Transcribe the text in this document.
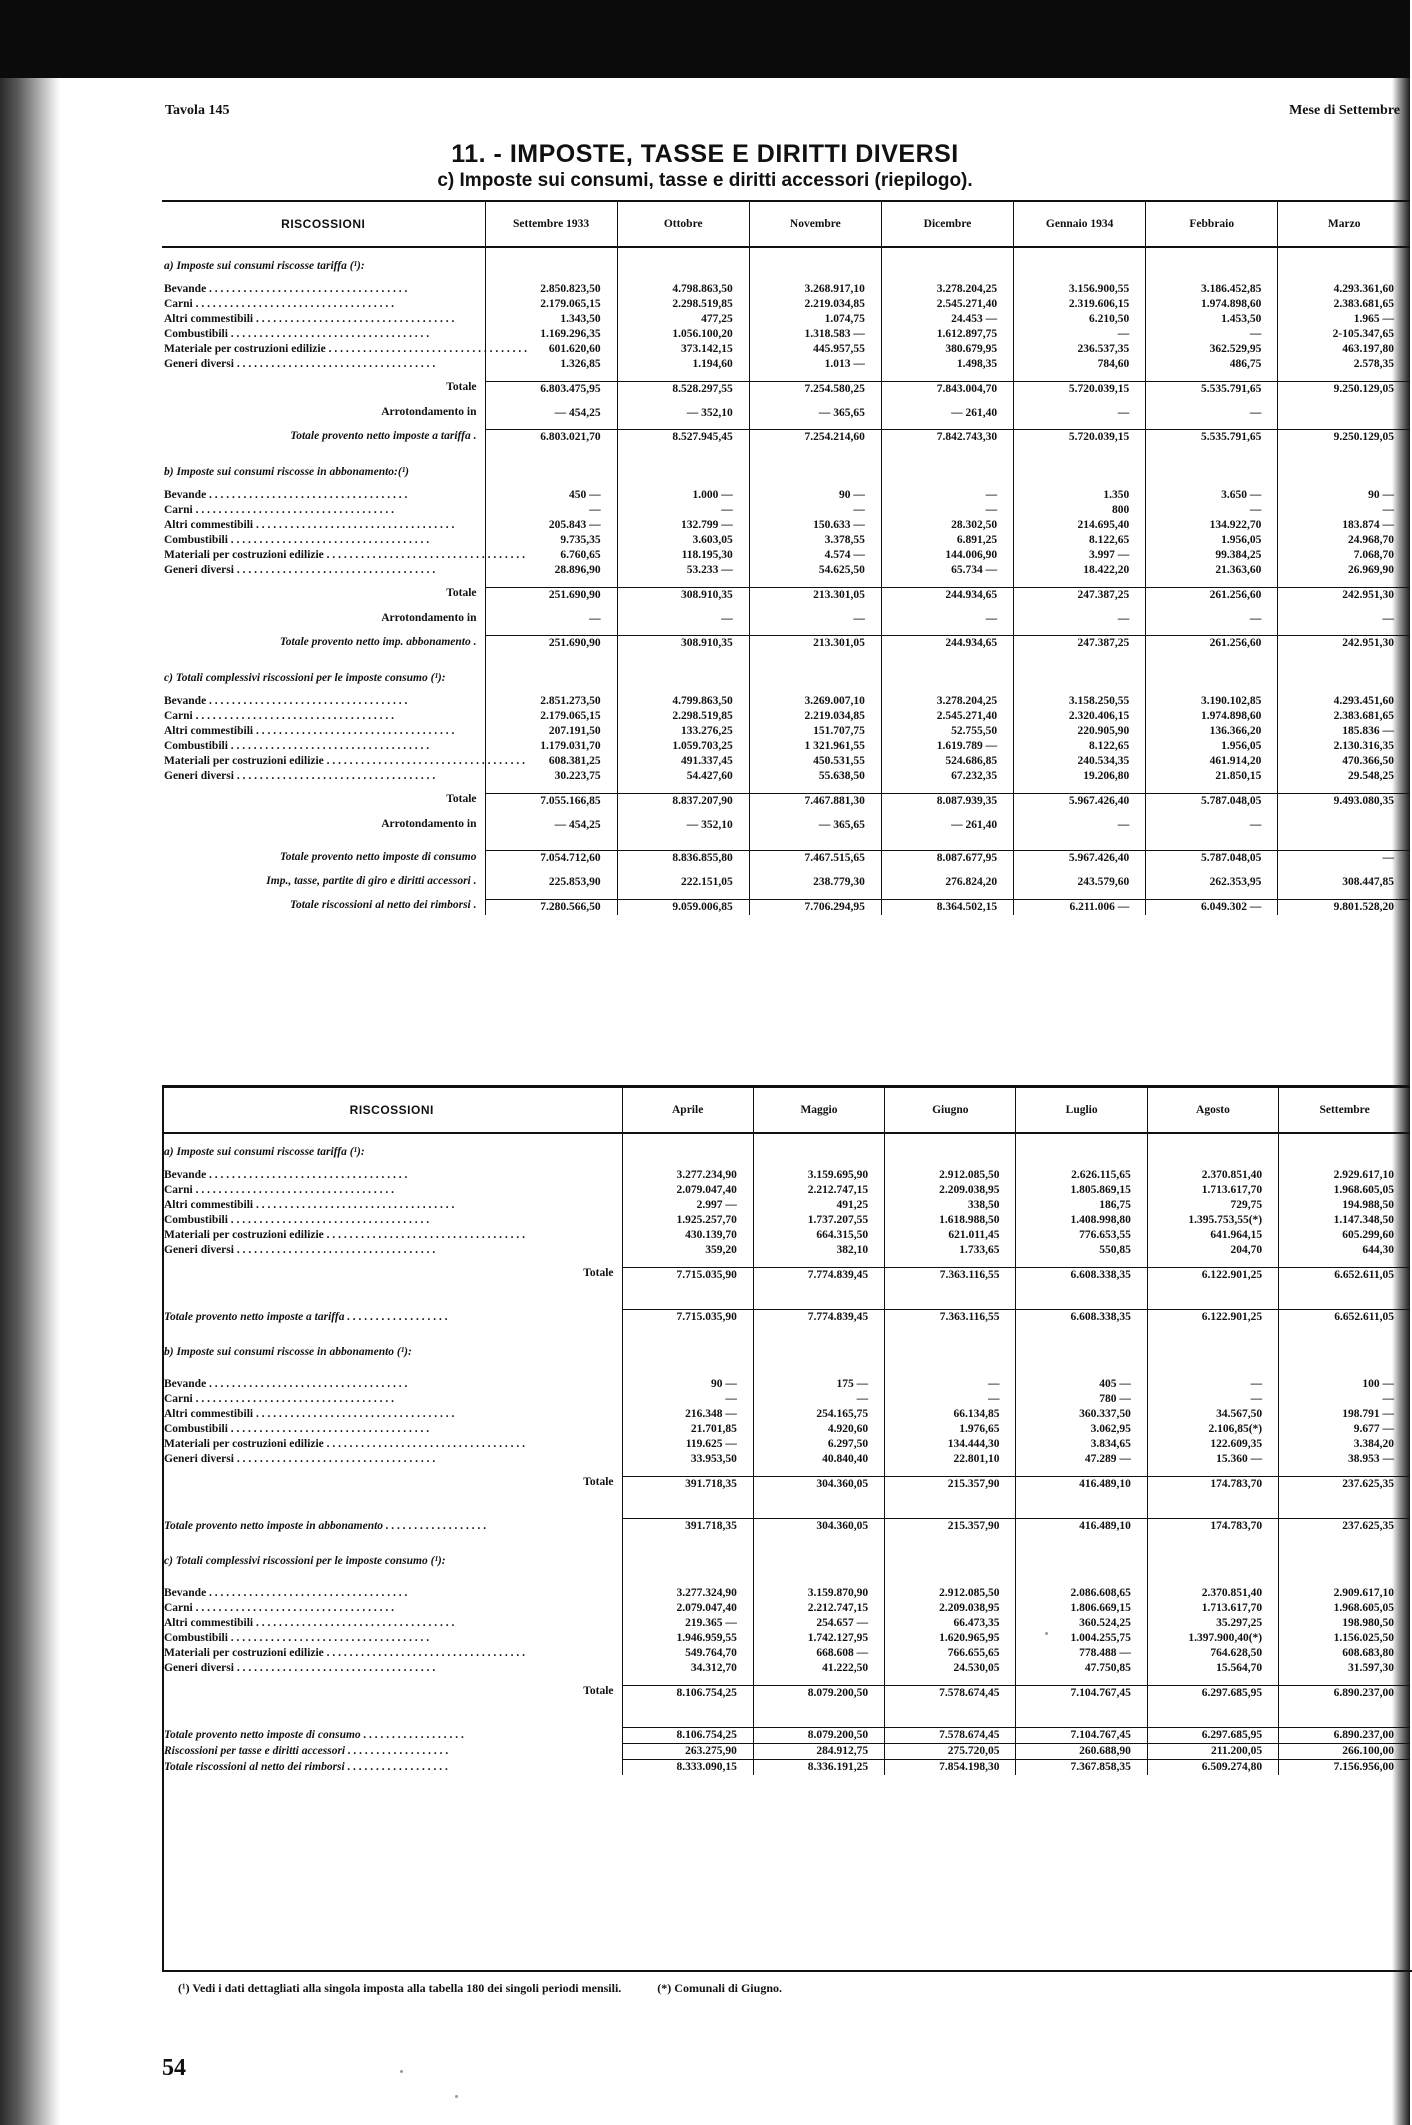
Tavola 145	Mese di Settembre
11. - IMPOSTE, TASSE E DIRITTI DIVERSI
c) Imposte sui consumi, tasse e diritti accessori (riepilogo).
RISCOSSIONI	Settembre 1933	Ottobre	Novembre	Dicembre	Gennaio 1934	Febbraio	Marzo

a) Imposte sui consumi riscosse tariffa (¹):							

Bevande . . . . . . . . . . . . . . . . . . . . . . . . . . . . . . . . . . .	2.850.823,50	4.798.863,50	3.268.917,10	3.278.204,25	3.156.900,55	3.186.452,85	4.293.361,60
Carni . . . . . . . . . . . . . . . . . . . . . . . . . . . . . . . . . . .	2.179.065,15	2.298.519,85	2.219.034,85	2.545.271,40	2.319.606,15	1.974.898,60	2.383.681,65
Altri commestibili . . . . . . . . . . . . . . . . . . . . . . . . . . . . . . . . . . .	1.343,50	477,25	1.074,75	24.453 —	6.210,50	1.453,50	1.965 —
Combustibili . . . . . . . . . . . . . . . . . . . . . . . . . . . . . . . . . . .	1.169.296,35	1.056.100,20	1.318.583 —	1.612.897,75	—	—	2-105.347,65
Materiale per costruzioni edilizie . . . . . . . . . . . . . . . . . . . . . . . . . . . . . . . . . . .	601.620,60	373.142,15	445.957,55	380.679,95	236.537,35	362.529,95	463.197,80
Generi diversi . . . . . . . . . . . . . . . . . . . . . . . . . . . . . . . . . . .	1.326,85	1.194,60	1.013 —	1.498,35	784,60	486,75	2.578,35

Totale	6.803.475,95	8.528.297,55	7.254.580,25	7.843.004,70	5.720.039,15	5.535.791,65	9.250.129,05

Arrotondamento in	— 454,25	— 352,10	— 365,65	— 261,40	—	—	

Totale provento netto imposte a tariffa .	6.803.021,70	8.527.945,45	7.254.214,60	7.842.743,30	5.720.039,15	5.535.791,65	9.250.129,05

b) Imposte sui consumi riscosse in abbonamento:(¹)							

Bevande . . . . . . . . . . . . . . . . . . . . . . . . . . . . . . . . . . .	450 —	1.000 —	90 —	—	1.350	3.650 —	90 —
Carni . . . . . . . . . . . . . . . . . . . . . . . . . . . . . . . . . . .	—	—	—	—	800	—	—
Altri commestibili . . . . . . . . . . . . . . . . . . . . . . . . . . . . . . . . . . .	205.843 —	132.799 —	150.633 —	28.302,50	214.695,40	134.922,70	183.874 —
Combustibili . . . . . . . . . . . . . . . . . . . . . . . . . . . . . . . . . . .	9.735,35	3.603,05	3.378,55	6.891,25	8.122,65	1.956,05	24.968,70
Materiali per costruzioni edilizie . . . . . . . . . . . . . . . . . . . . . . . . . . . . . . . . . . .	6.760,65	118.195,30	4.574 —	144.006,90	3.997 —	99.384,25	7.068,70
Generi diversi . . . . . . . . . . . . . . . . . . . . . . . . . . . . . . . . . . .	28.896,90	53.233 —	54.625,50	65.734 —	18.422,20	21.363,60	26.969,90

Totale	251.690,90	308.910,35	213.301,05	244.934,65	247.387,25	261.256,60	242.951,30

Arrotondamento in	—	—	—	—	—	—	—

Totale provento netto imp. abbonamento .	251.690,90	308.910,35	213.301,05	244.934,65	247.387,25	261.256,60	242.951,30

c) Totali complessivi riscossioni per le imposte consumo (¹):							

Bevande . . . . . . . . . . . . . . . . . . . . . . . . . . . . . . . . . . .	2.851.273,50	4.799.863,50	3.269.007,10	3.278.204,25	3.158.250,55	3.190.102,85	4.293.451,60
Carni . . . . . . . . . . . . . . . . . . . . . . . . . . . . . . . . . . .	2.179.065,15	2.298.519,85	2.219.034,85	2.545.271,40	2.320.406,15	1.974.898,60	2.383.681,65
Altri commestibili . . . . . . . . . . . . . . . . . . . . . . . . . . . . . . . . . . .	207.191,50	133.276,25	151.707,75	52.755,50	220.905,90	136.366,20	185.836 —
Combustibili . . . . . . . . . . . . . . . . . . . . . . . . . . . . . . . . . . .	1.179.031,70	1.059.703,25	1 321.961,55	1.619.789 —	8.122,65	1.956,05	2.130.316,35
Materiali per costruzioni edilizie . . . . . . . . . . . . . . . . . . . . . . . . . . . . . . . . . . .	608.381,25	491.337,45	450.531,55	524.686,85	240.534,35	461.914,20	470.366,50
Generi diversi . . . . . . . . . . . . . . . . . . . . . . . . . . . . . . . . . . .	30.223,75	54.427,60	55.638,50	67.232,35	19.206,80	21.850,15	29.548,25

Totale	7.055.166,85	8.837.207,90	7.467.881,30	8.087.939,35	5.967.426,40	5.787.048,05	9.493.080,35

Arrotondamento in	— 454,25	— 352,10	— 365,65	— 261,40	—	—	

Totale provento netto imposte di consumo	7.054.712,60	8.836.855,80	7.467.515,65	8.087.677,95	5.967.426,40	5.787.048,05	—

Imp., tasse, partite di giro e diritti accessori .	225.853,90	222.151,05	238.779,30	276.824,20	243.579,60	262.353,95	308.447,85

Totale riscossioni al netto dei rimborsi .	7.280.566,50	9.059.006,85	7.706.294,95	8.364.502,15	6.211.006 —	6.049.302 —	9.801.528,20
RISCOSSIONI	Aprile	Maggio	Giugno	Luglio	Agosto	Settembre

a) Imposte sui consumi riscosse tariffa (¹):						

Bevande . . . . . . . . . . . . . . . . . . . . . . . . . . . . . . . . . . .	3.277.234,90	3.159.695,90	2.912.085,50	2.626.115,65	2.370.851,40	2.929.617,10
Carni . . . . . . . . . . . . . . . . . . . . . . . . . . . . . . . . . . .	2.079.047,40	2.212.747,15	2.209.038,95	1.805.869,15	1.713.617,70	1.968.605,05
Altri commestibili . . . . . . . . . . . . . . . . . . . . . . . . . . . . . . . . . . .	2.997 —	491,25	338,50	186,75	729,75	194.988,50
Combustibili . . . . . . . . . . . . . . . . . . . . . . . . . . . . . . . . . . .	1.925.257,70	1.737.207,55	1.618.988,50	1.408.998,80	1.395.753,55(*)	1.147.348,50
Materiali per costruzioni edilizie . . . . . . . . . . . . . . . . . . . . . . . . . . . . . . . . . . .	430.139,70	664.315,50	621.011,45	776.653,55	641.964,15	605.299,60
Generi diversi . . . . . . . . . . . . . . . . . . . . . . . . . . . . . . . . . . .	359,20	382,10	1.733,65	550,85	204,70	644,30

Totale	7.715.035,90	7.774.839,45	7.363.116,55	6.608.338,35	6.122.901,25	6.652.611,05

Totale provento netto imposte a tariffa . . . . . . . . . . . . . . . . . .	7.715.035,90	7.774.839,45	7.363.116,55	6.608.338,35	6.122.901,25	6.652.611,05

b) Imposte sui consumi riscosse in abbonamento (¹):						

Bevande . . . . . . . . . . . . . . . . . . . . . . . . . . . . . . . . . . .	90 —	175 —	—	405 —	—	100 —
Carni . . . . . . . . . . . . . . . . . . . . . . . . . . . . . . . . . . .	—	—	—	780 —	—	—
Altri commestibili . . . . . . . . . . . . . . . . . . . . . . . . . . . . . . . . . . .	216.348 —	254.165,75	66.134,85	360.337,50	34.567,50	198.791 —
Combustibili . . . . . . . . . . . . . . . . . . . . . . . . . . . . . . . . . . .	21.701,85	4.920,60	1.976,65	3.062,95	2.106,85(*)	9.677 —
Materiali per costruzioni edilizie . . . . . . . . . . . . . . . . . . . . . . . . . . . . . . . . . . .	119.625 —	6.297,50	134.444,30	3.834,65	122.609,35	3.384,20
Generi diversi . . . . . . . . . . . . . . . . . . . . . . . . . . . . . . . . . . .	33.953,50	40.840,40	22.801,10	47.289 —	15.360 —	38.953 —

Totale	391.718,35	304.360,05	215.357,90	416.489,10	174.783,70	237.625,35

Totale provento netto imposte in abbonamento . . . . . . . . . . . . . . . . . .	391.718,35	304.360,05	215.357,90	416.489,10	174.783,70	237.625,35

c) Totali complessivi riscossioni per le imposte consumo (¹):						

Bevande . . . . . . . . . . . . . . . . . . . . . . . . . . . . . . . . . . .	3.277.324,90	3.159.870,90	2.912.085,50	2.086.608,65	2.370.851,40	2.909.617,10
Carni . . . . . . . . . . . . . . . . . . . . . . . . . . . . . . . . . . .	2.079.047,40	2.212.747,15	2.209.038,95	1.806.669,15	1.713.617,70	1.968.605,05
Altri commestibili . . . . . . . . . . . . . . . . . . . . . . . . . . . . . . . . . . .	219.365 —	254.657 —	66.473,35	360.524,25	35.297,25	198.980,50
Combustibili . . . . . . . . . . . . . . . . . . . . . . . . . . . . . . . . . . .	1.946.959,55	1.742.127,95	1.620.965,95	1.004.255,75	1.397.900,40(*)	1.156.025,50
Materiali per costruzioni edilizie . . . . . . . . . . . . . . . . . . . . . . . . . . . . . . . . . . .	549.764,70	668.608 —	766.655,65	778.488 —	764.628,50	608.683,80
Generi diversi . . . . . . . . . . . . . . . . . . . . . . . . . . . . . . . . . . .	34.312,70	41.222,50	24.530,05	47.750,85	15.564,70	31.597,30

Totale	8.106.754,25	8.079.200,50	7.578.674,45	7.104.767,45	6.297.685,95	6.890.237,00

Totale provento netto imposte di consumo . . . . . . . . . . . . . . . . . .	8.106.754,25	8.079.200,50	7.578.674,45	7.104.767,45	6.297.685,95	6.890.237,00
Riscossioni per tasse e diritti accessori . . . . . . . . . . . . . . . . . .	263.275,90	284.912,75	275.720,05	260.688,90	211.200,05	266.100,00
Totale riscossioni al netto dei rimborsi . . . . . . . . . . . . . . . . . .	8.333.090,15	8.336.191,25	7.854.198,30	7.367.858,35	6.509.274,80	7.156.956,00
(¹) Vedi i dati dettagliati alla singola imposta alla tabella 180 dei singoli periodi mensili.	(*) Comunali di Giugno.
54
